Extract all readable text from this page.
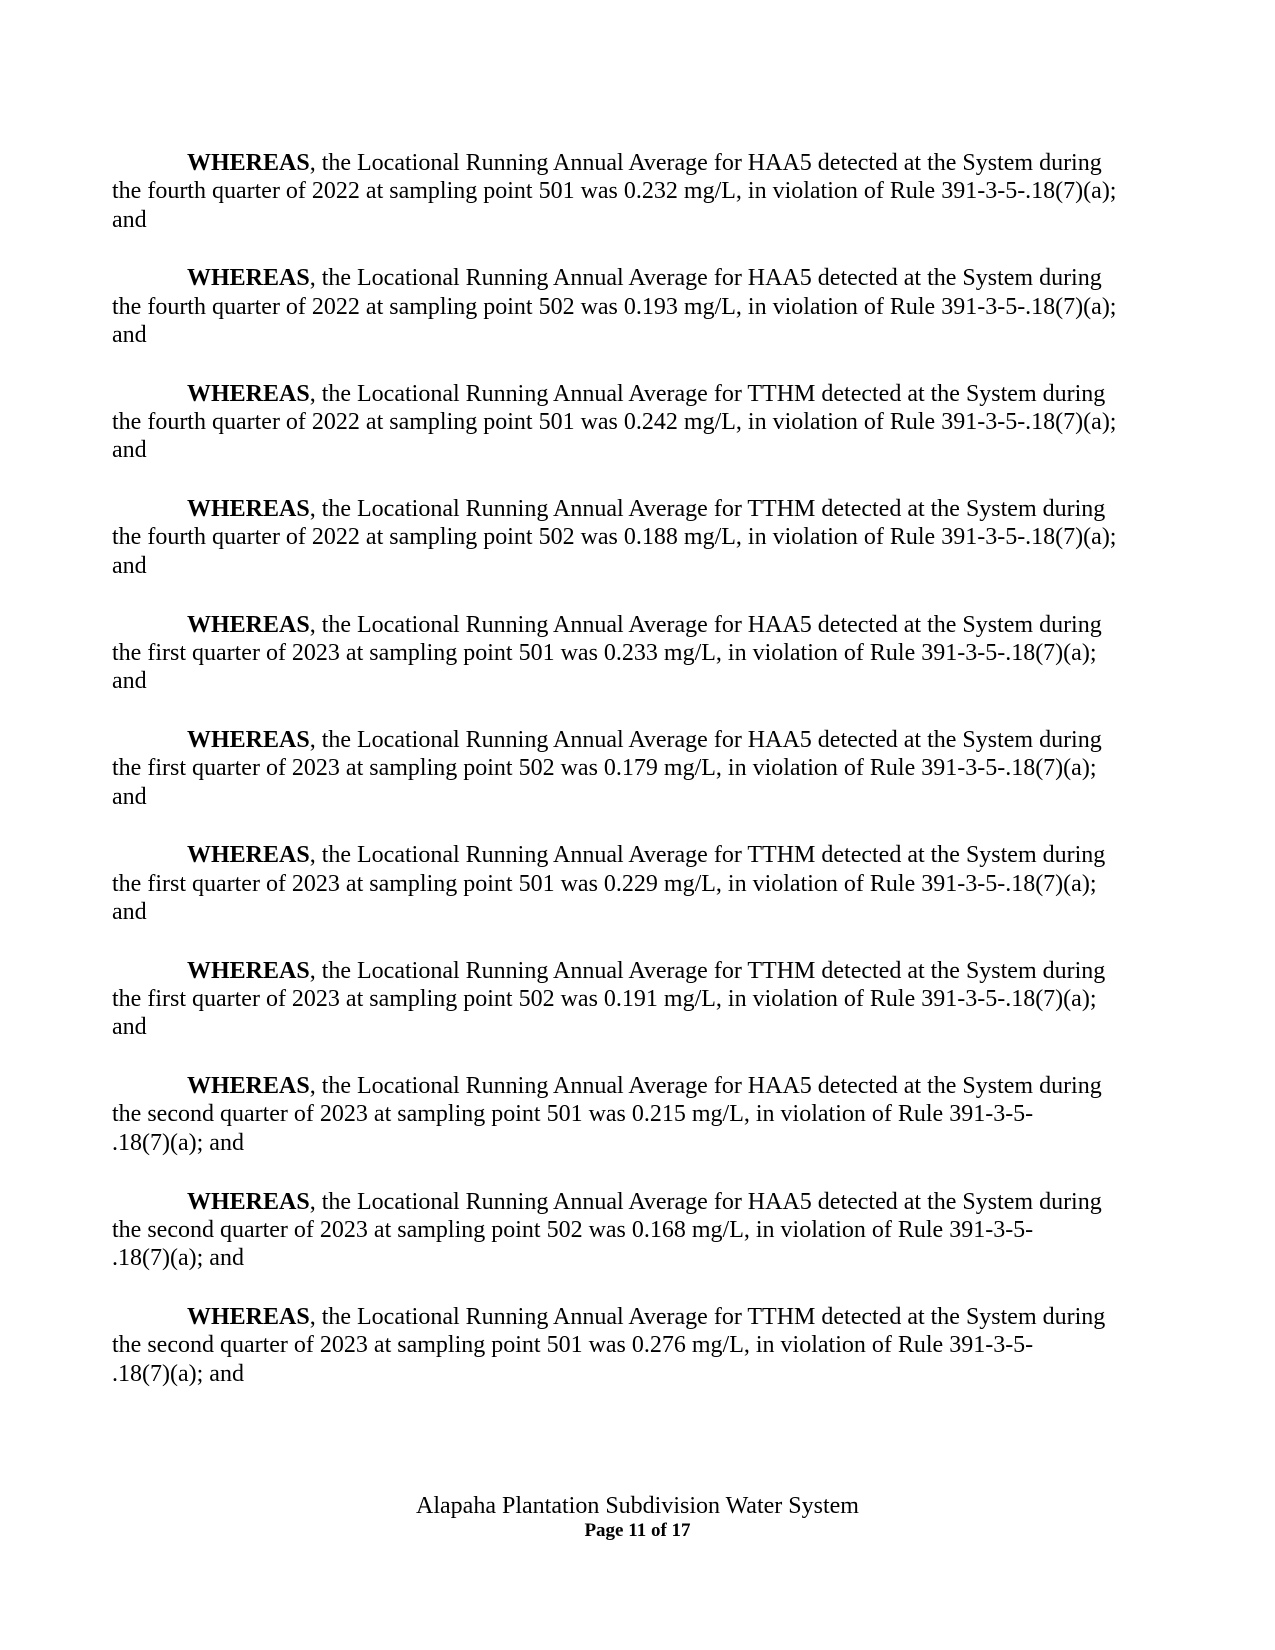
WHEREAS, the Locational Running Annual Average for HAA5 detected at the System during
the fourth quarter of 2022 at sampling point 501 was 0.232 mg/L, in violation of Rule 391-3-5-.18(7)(a);
and

WHEREAS, the Locational Running Annual Average for HAA5 detected at the System during
the fourth quarter of 2022 at sampling point 502 was 0.193 mg/L, in violation of Rule 391-3-5-.18(7)(a);
and

WHEREAS, the Locational Running Annual Average for TTHM detected at the System during
the fourth quarter of 2022 at sampling point 501 was 0.242 mg/L, in violation of Rule 391-3-5-.18(7)(a);
and

WHEREAS, the Locational Running Annual Average for TTHM detected at the System during
the fourth quarter of 2022 at sampling point 502 was 0.188 mg/L, in violation of Rule 391-3-5-.18(7)(a);
and

WHEREAS, the Locational Running Annual Average for HAA5 detected at the System during
the first quarter of 2023 at sampling point 501 was 0.233 mg/L, in violation of Rule 391-3-5-.18(7)(a);
and

WHEREAS, the Locational Running Annual Average for HAA5 detected at the System during
the first quarter of 2023 at sampling point 502 was 0.179 mg/L, in violation of Rule 391-3-5-.18(7)(a);
and

WHEREAS, the Locational Running Annual Average for TTHM detected at the System during
the first quarter of 2023 at sampling point 501 was 0.229 mg/L, in violation of Rule 391-3-5-.18(7)(a);
and

WHEREAS, the Locational Running Annual Average for TTHM detected at the System during
the first quarter of 2023 at sampling point 502 was 0.191 mg/L, in violation of Rule 391-3-5-.18(7)(a);
and

WHEREAS, the Locational Running Annual Average for HAA5 detected at the System during
the second quarter of 2023 at sampling point 501 was 0.215 mg/L, in violation of Rule 391-3-5-
.18(7)(a); and

WHEREAS, the Locational Running Annual Average for HAA5 detected at the System during
the second quarter of 2023 at sampling point 502 was 0.168 mg/L, in violation of Rule 391-3-5-
.18(7)(a); and

WHEREAS, the Locational Running Annual Average for TTHM detected at the System during
the second quarter of 2023 at sampling point 501 was 0.276 mg/L, in violation of Rule 391-3-5-
.18(7)(a); and

Alapaha Plantation Subdivision Water System
Page 11 of 17
